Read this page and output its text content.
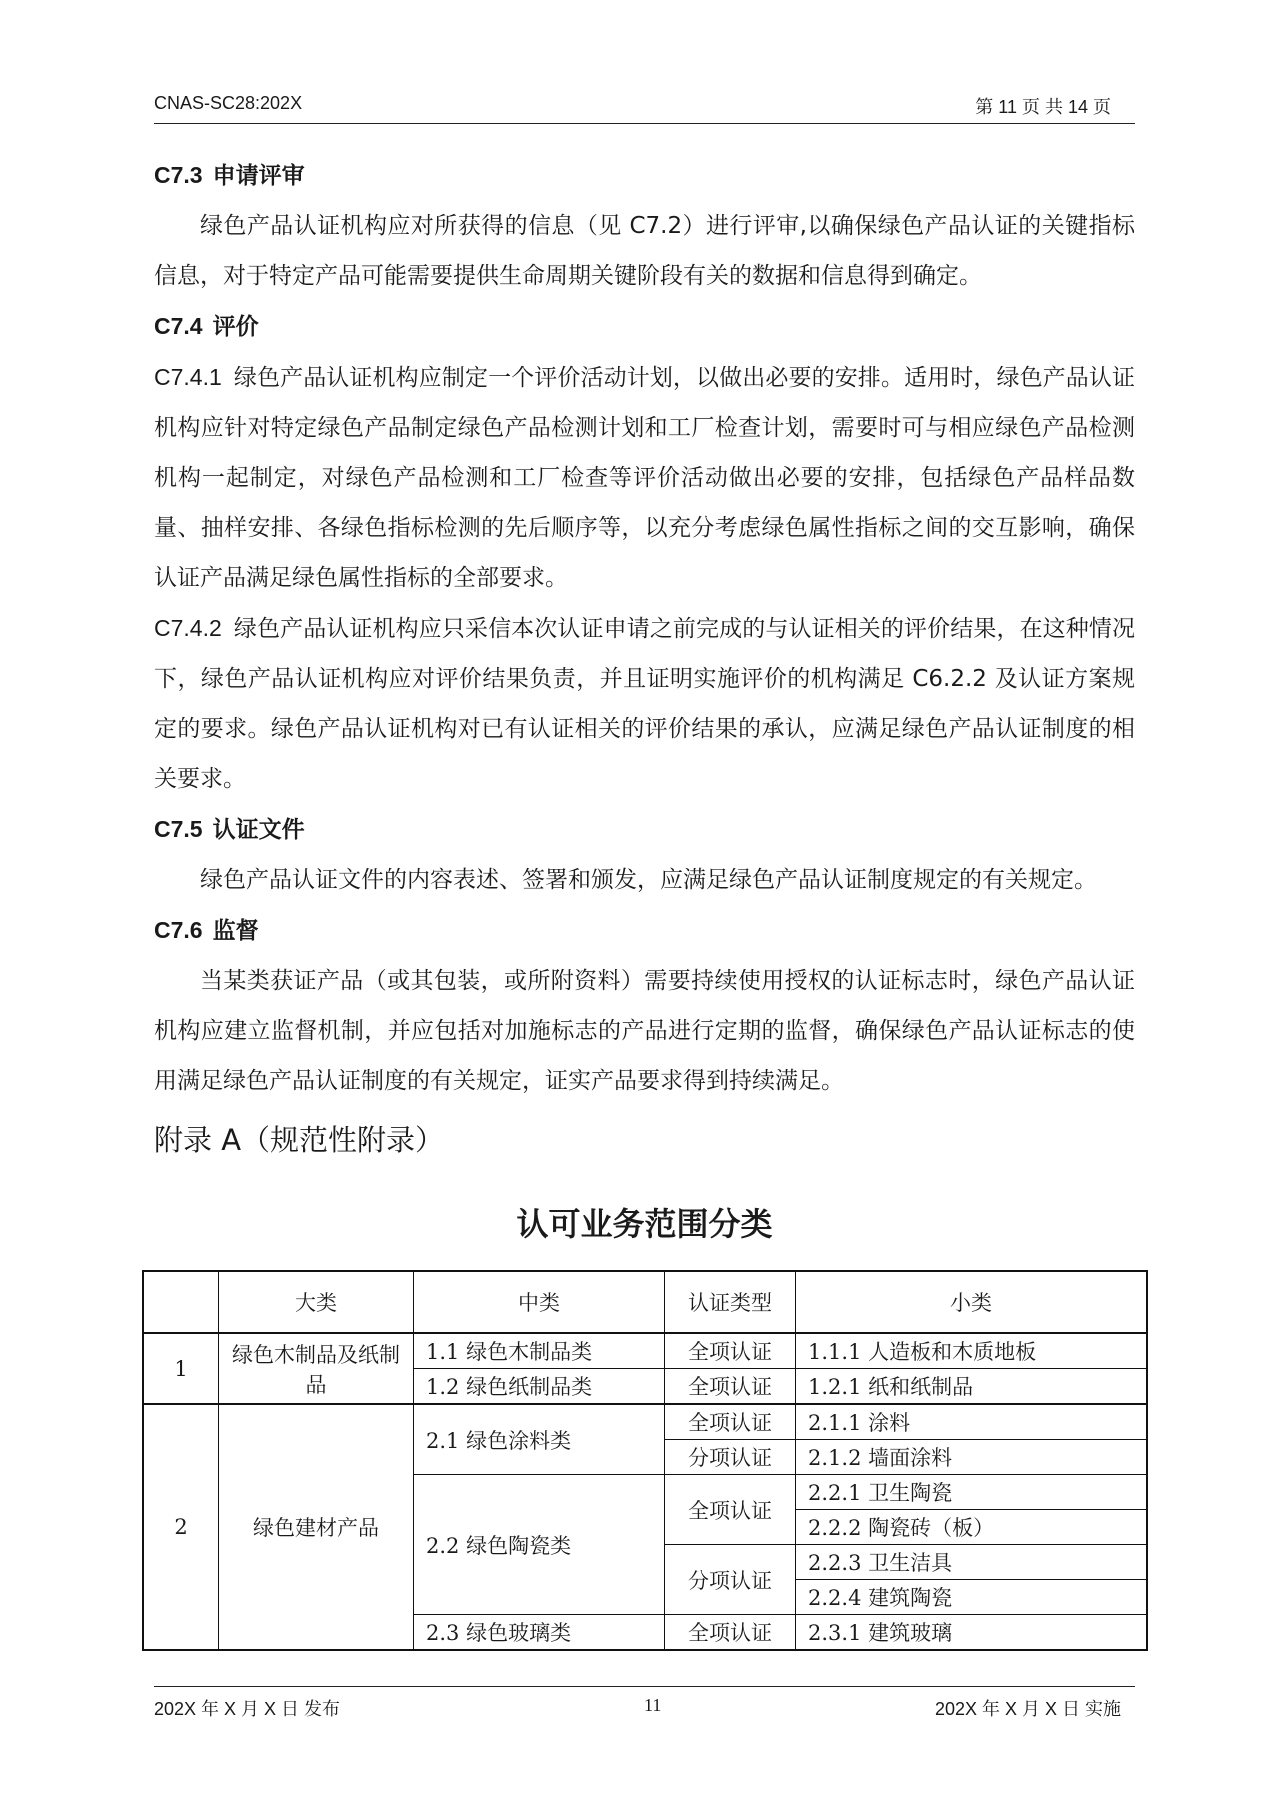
CNAS-SC28:202X	第 11 页 共 14 页
C7.3 申请评审

绿色产品认证机构应对所获得的信息（见 C7.2）进行评审,以确保绿色产品认证的关键指标信息，对于特定产品可能需要提供生命周期关键阶段有关的数据和信息得到确定。

C7.4 评价

C7.4.1 绿色产品认证机构应制定一个评价活动计划，以做出必要的安排。适用时，绿色产品认证机构应针对特定绿色产品制定绿色产品检测计划和工厂检查计划，需要时可与相应绿色产品检测机构一起制定，对绿色产品检测和工厂检查等评价活动做出必要的安排，包括绿色产品样品数量、抽样安排、各绿色指标检测的先后顺序等，以充分考虑绿色属性指标之间的交互影响，确保认证产品满足绿色属性指标的全部要求。

C7.4.2 绿色产品认证机构应只采信本次认证申请之前完成的与认证相关的评价结果，在这种情况下，绿色产品认证机构应对评价结果负责，并且证明实施评价的机构满足 C6.2.2 及认证方案规定的要求。绿色产品认证机构对已有认证相关的评价结果的承认，应满足绿色产品认证制度的相关要求。

C7.5 认证文件

绿色产品认证文件的内容表述、签署和颁发，应满足绿色产品认证制度规定的有关规定。

C7.6 监督

当某类获证产品（或其包装，或所附资料）需要持续使用授权的认证标志时，绿色产品认证机构应建立监督机制，并应包括对加施标志的产品进行定期的监督，确保绿色产品认证标志的使用满足绿色产品认证制度的有关规定，证实产品要求得到持续满足。

附录 A（规范性附录）
认可业务范围分类
	大类	中类	认证类型	小类
1	绿色木制品及纸制品	1.1 绿色木制品类	全项认证	1.1.1 人造板和木质地板
		1.2 绿色纸制品类	全项认证	1.2.1 纸和纸制品
2	绿色建材产品	2.1 绿色涂料类	全项认证	2.1.1 涂料
			分项认证	2.1.2 墙面涂料
		2.2 绿色陶瓷类	全项认证	2.2.1 卫生陶瓷
				2.2.2 陶瓷砖（板）
			分项认证	2.2.3 卫生洁具
				2.2.4 建筑陶瓷
		2.3 绿色玻璃类	全项认证	2.3.1 建筑玻璃
202X 年 X 月 X 日 发布	11	202X 年 X 月 X 日 实施
